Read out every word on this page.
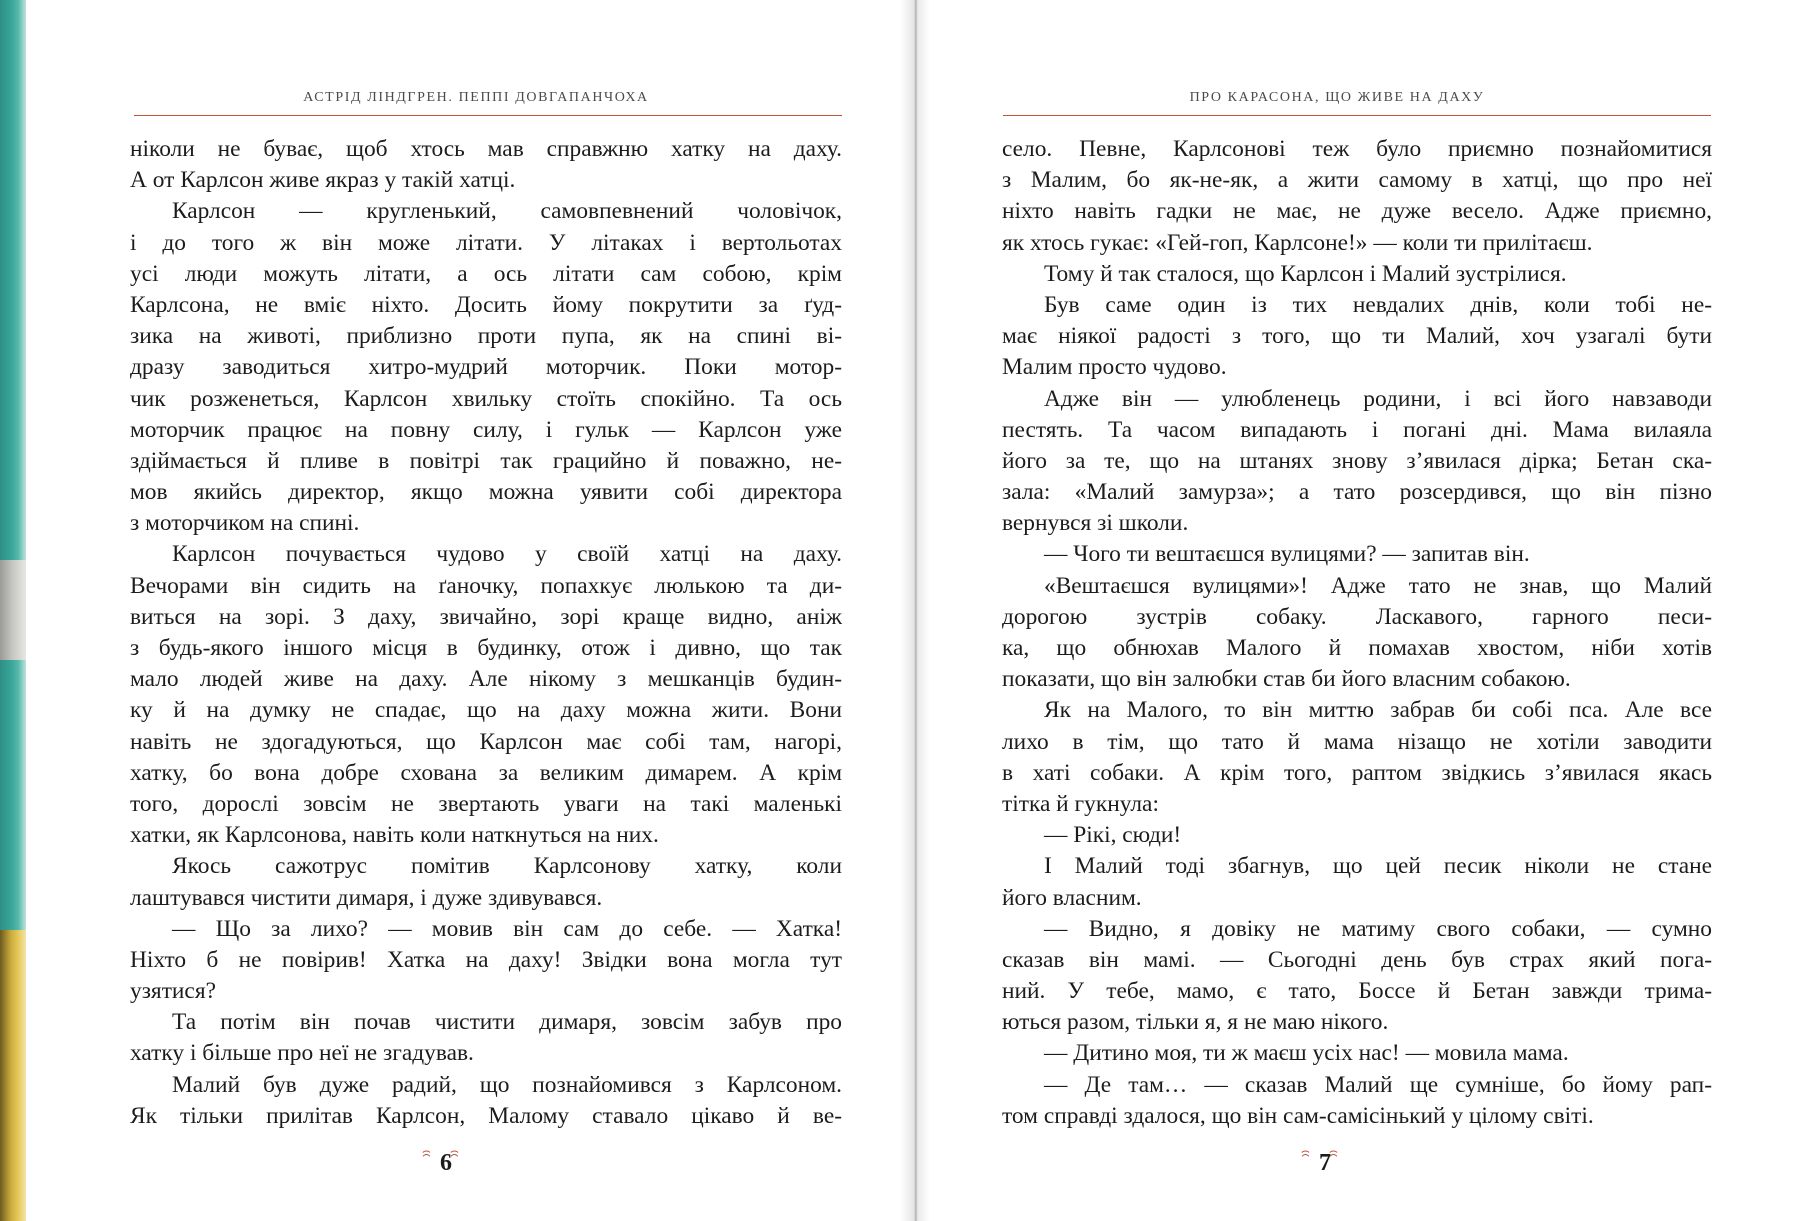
АСТРІД ЛІНДГРЕН. ПЕППІ ДОВГАПАНЧОХА
ніколи не буває, щоб хтось мав справжню хатку на даху.
А от Карлсон живе якраз у такій хатці.
Карлсон — кругленький, самовпевнений чоловічок,
і до того ж він може літати. У літаках і вертольотах
усі люди можуть літати, а ось літати сам собою, крім
Карлсона, не вміє ніхто. Досить йому покрутити за ґуд-
зика на животі, приблизно проти пупа, як на спині ві-
дразу заводиться хитро-мудрий моторчик. Поки мотор-
чик розженеться, Карлсон хвильку стоїть спокійно. Та ось
моторчик працює на повну силу, і гульк — Карлсон уже
здіймається й пливе в повітрі так грацийно й поважно, не-
мов якийсь директор, якщо можна уявити собі директора
з моторчиком на спині.
Карлсон почувається чудово у своїй хатці на даху.
Вечорами він сидить на ґаночку, попахкує люлькою та ди-
виться на зорі. З даху, звичайно, зорі краще видно, аніж
з будь-якого іншого місця в будинку, отож і дивно, що так
мало людей живе на даху. Але нікому з мешканців будин-
ку й на думку не спадає, що на даху можна жити. Вони
навіть не здогадуються, що Карлсон має собі там, нагорі,
хатку, бо вона добре схована за великим димарем. А крім
того, дорослі зовсім не звертають уваги на такі маленькі
хатки, як Карлсонова, навіть коли наткнуться на них.
Якось сажотрус помітив Карлсонову хатку, коли
лаштувався чистити димаря, і дуже здивувався.
— Що за лихо? — мовив він сам до себе. — Хатка!
Ніхто б не повірив! Хатка на даху! Звідки вона могла тут
узятися?
Та потім він почав чистити димаря, зовсім забув про
хатку і більше про неї не згадував.
Малий був дуже радий, що познайомився з Карлсоном.
Як тільки прилітав Карлсон, Малому ставало цікаво й ве-
6
ПРО КАРАСОНА, ЩО ЖИВЕ НА ДАХУ
село. Певне, Карлсонові теж було приємно познайомитися
з Малим, бо як-не-як, а жити самому в хатці, що про неї
ніхто навіть гадки не має, не дуже весело. Адже приємно,
як хтось гукає: «Гей-гоп, Карлсоне!» — коли ти прилітаєш.
Тому й так сталося, що Карлсон і Малий зустрілися.
Був саме один із тих невдалих днів, коли тобі не-
має ніякої радості з того, що ти Малий, хоч узагалі бути
Малим просто чудово.
Адже він — улюбленець родини, і всі його навзаводи
пестять. Та часом випадають і погані дні. Мама вилаяла
його за те, що на штанях знову з’явилася дірка; Бетан ска-
зала: «Малий замурза»; а тато розсердився, що він пізно
вернувся зі школи.
— Чого ти вештаєшся вулицями? — запитав він.
«Вештаєшся вулицями»! Адже тато не знав, що Малий
дорогою зустрів собаку. Ласкавого, гарного песи-
ка, що обнюхав Малого й помахав хвостом, ніби хотів
показати, що він залюбки став би його власним собакою.
Як на Малого, то він миттю забрав би собі пса. Але все
лихо в тім, що тато й мама нізащо не хотіли заводити
в хаті собаки. А крім того, раптом звідкись з’явилася якась
тітка й гукнула:
— Рікі, сюди!
І Малий тоді збагнув, що цей песик ніколи не стане
його власним.
— Видно, я довіку не матиму свого собаки, — сумно
сказав він мамі. — Сьогодні день був страх який пога-
ний. У тебе, мамо, є тато, Боссе й Бетан завжди трима-
ються разом, тільки я, я не маю нікого.
— Дитино моя, ти ж маєш усіх нас! — мовила мама.
— Де там… — сказав Малий ще сумніше, бо йому рап-
том справді здалося, що він сам-самісінький у цілому світі.
7
